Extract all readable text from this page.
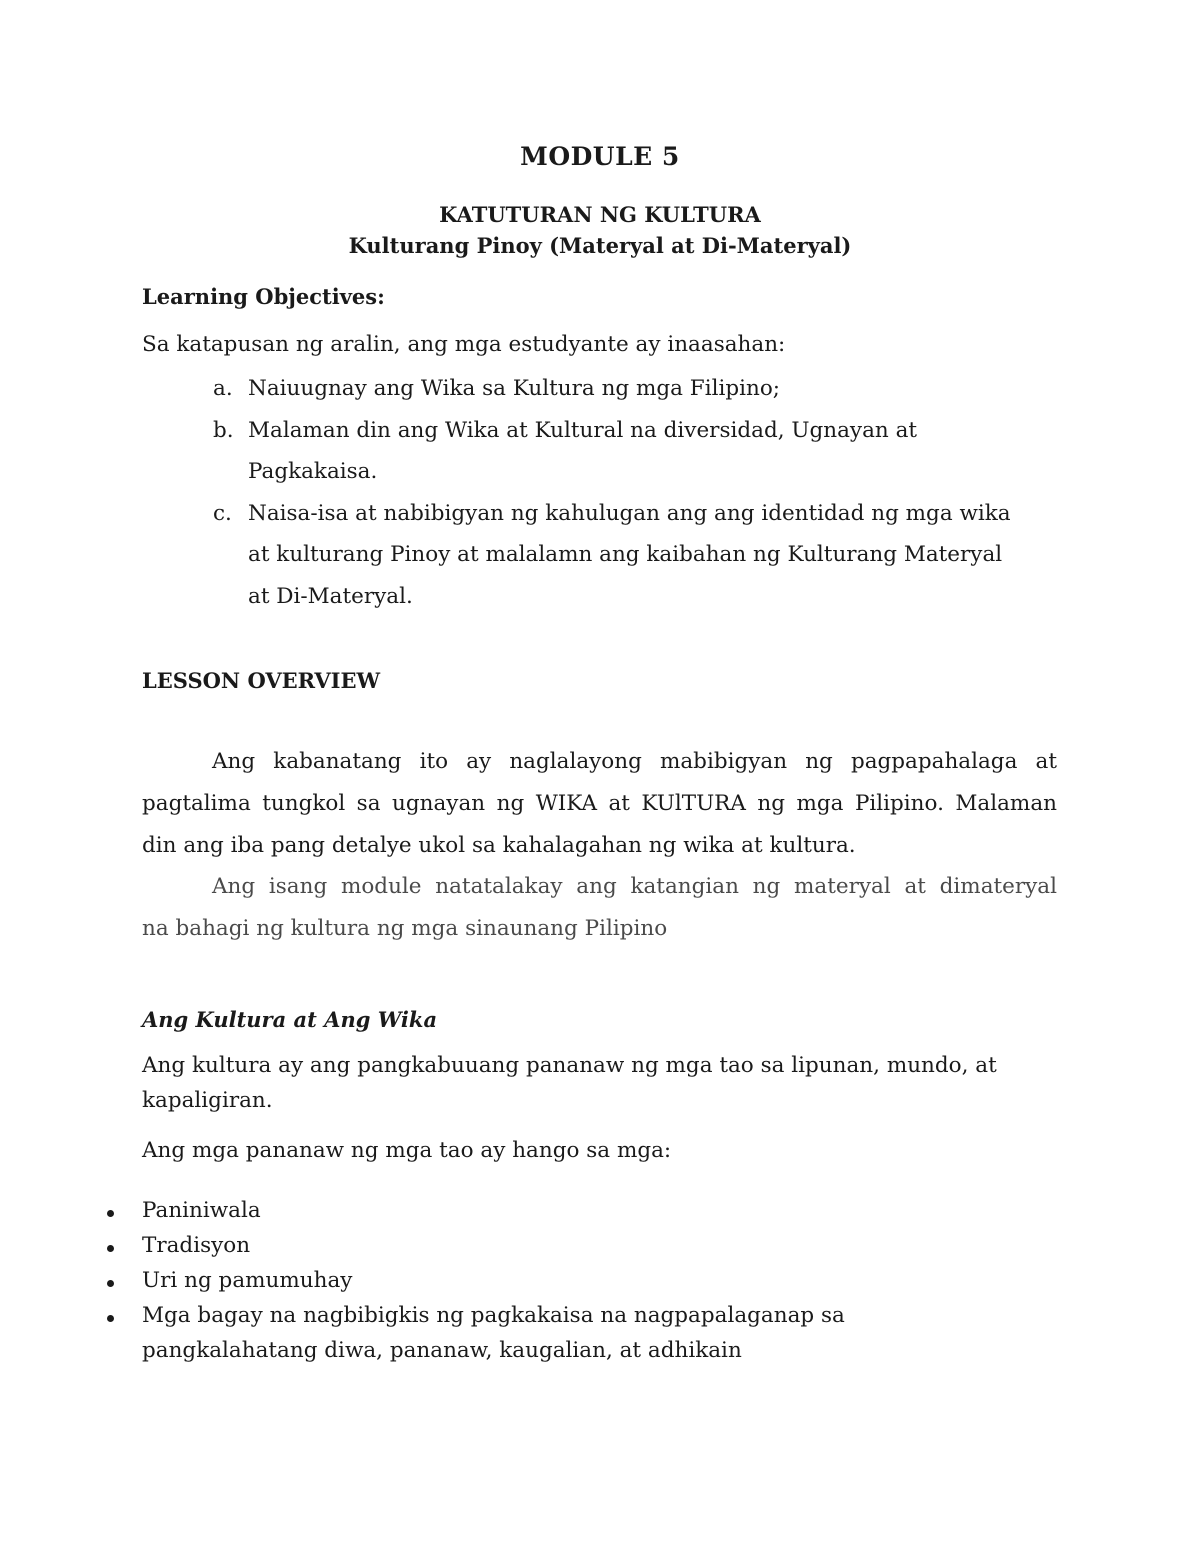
MODULE 5
KATUTURAN NG KULTURA
Kulturang Pinoy (Materyal at Di-Materyal)
Learning Objectives:
Sa katapusan ng aralin, ang mga estudyante ay inaasahan:
a. Naiuugnay ang Wika sa Kultura ng mga Filipino;
b. Malaman din ang Wika at Kultural na diversidad, Ugnayan at
Pagkakaisa.
c. Naisa-isa at nabibigyan ng kahulugan ang ang identidad ng mga wika
at kulturang Pinoy at malalamn ang kaibahan ng Kulturang Materyal
at Di-Materyal.
LESSON OVERVIEW
Ang kabanatang ito ay naglalayong mabibigyan ng pagpapahalaga at
pagtalima tungkol sa ugnayan ng WIKA at KUlTURA ng mga Pilipino. Malaman
din ang iba pang detalye ukol sa kahalagahan ng wika at kultura.
Ang isang module natatalakay ang katangian ng materyal at dimateryal
na bahagi ng kultura ng mga sinaunang Pilipino
Ang Kultura at Ang Wika
Ang kultura ay ang pangkabuuang pananaw ng mga tao sa lipunan, mundo, at
kapaligiran.
Ang mga pananaw ng mga tao ay hango sa mga:
Paniniwala
Tradisyon
Uri ng pamumuhay
Mga bagay na nagbibigkis ng pagkakaisa na nagpapalaganap sa
pangkalahatang diwa, pananaw, kaugalian, at adhikain
